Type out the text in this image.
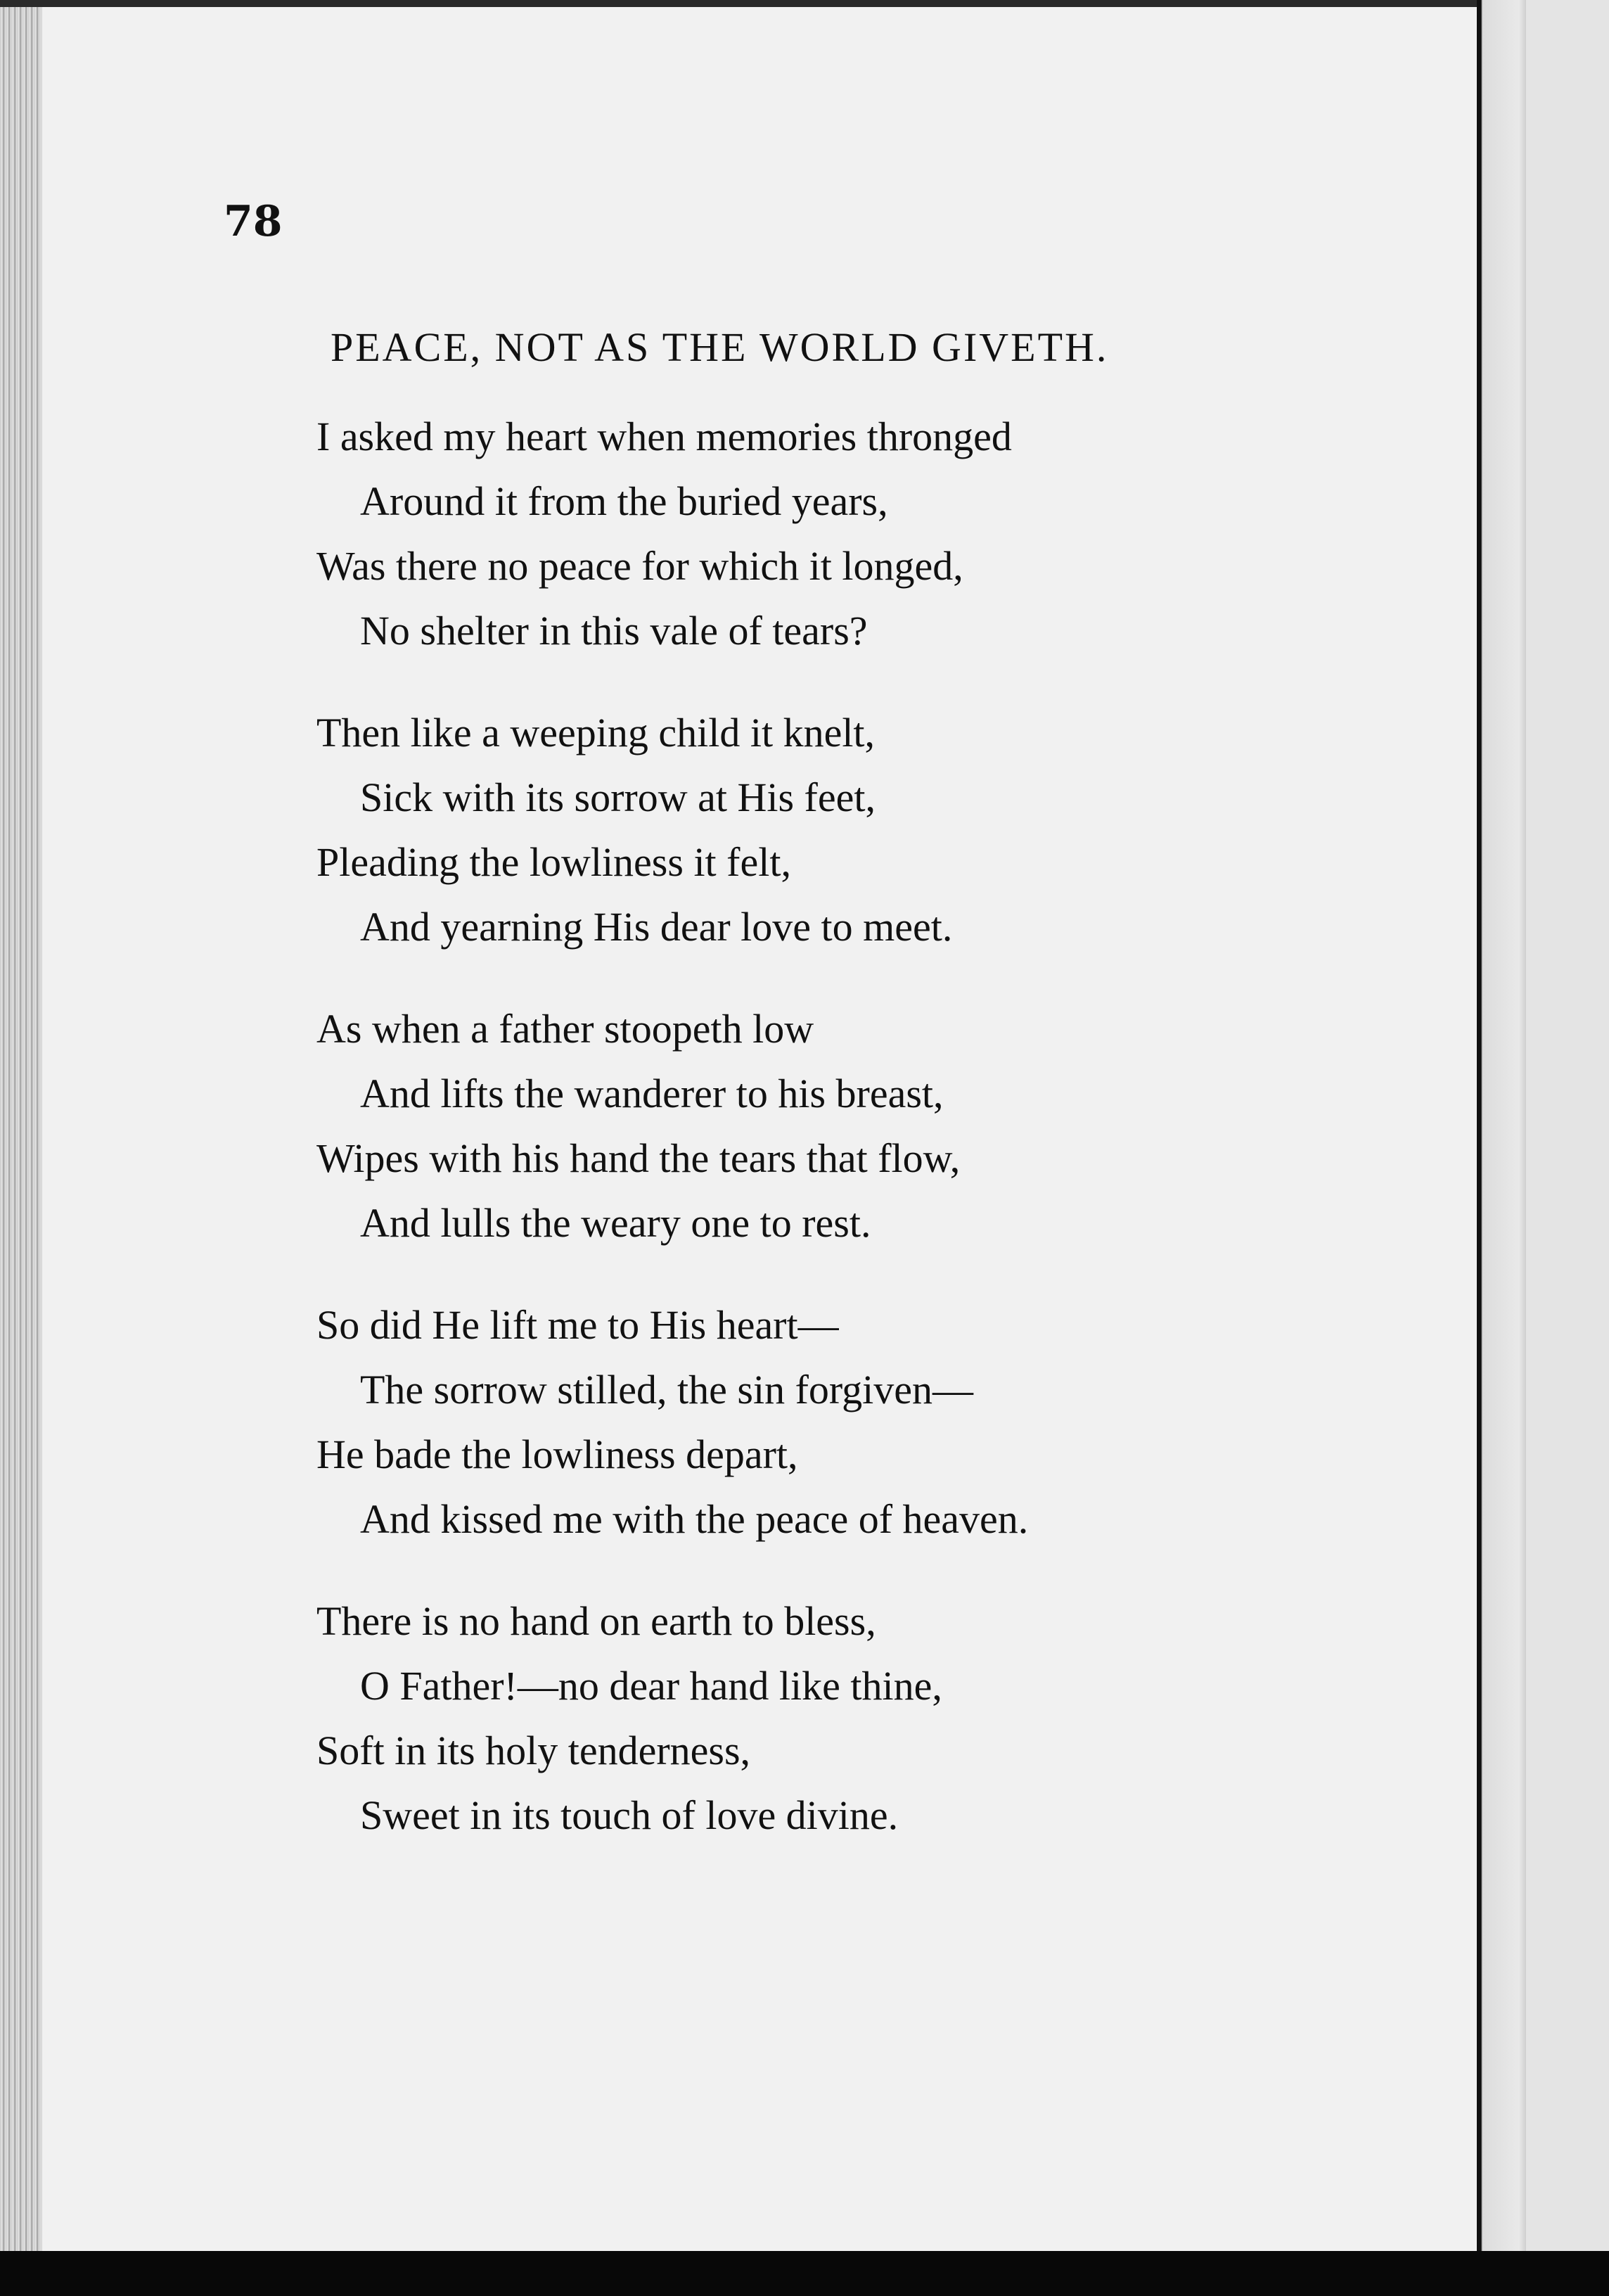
78

PEACE, NOT AS THE WORLD GIVETH.
I asked my heart when memories thronged
Around it from the buried years,
Was there no peace for which it longed,
No shelter in this vale of tears?
Then like a weeping child it knelt,
Sick with its sorrow at His feet,
Pleading the lowliness it felt,
And yearning His dear love to meet.
As when a father stoopeth low
And lifts the wanderer to his breast,
Wipes with his hand the tears that flow,
And lulls the weary one to rest.
So did He lift me to His heart—
The sorrow stilled, the sin forgiven—
He bade the lowliness depart,
And kissed me with the peace of heaven.
There is no hand on earth to bless,
O Father!—no dear hand like thine,
Soft in its holy tenderness,
Sweet in its touch of love divine.
